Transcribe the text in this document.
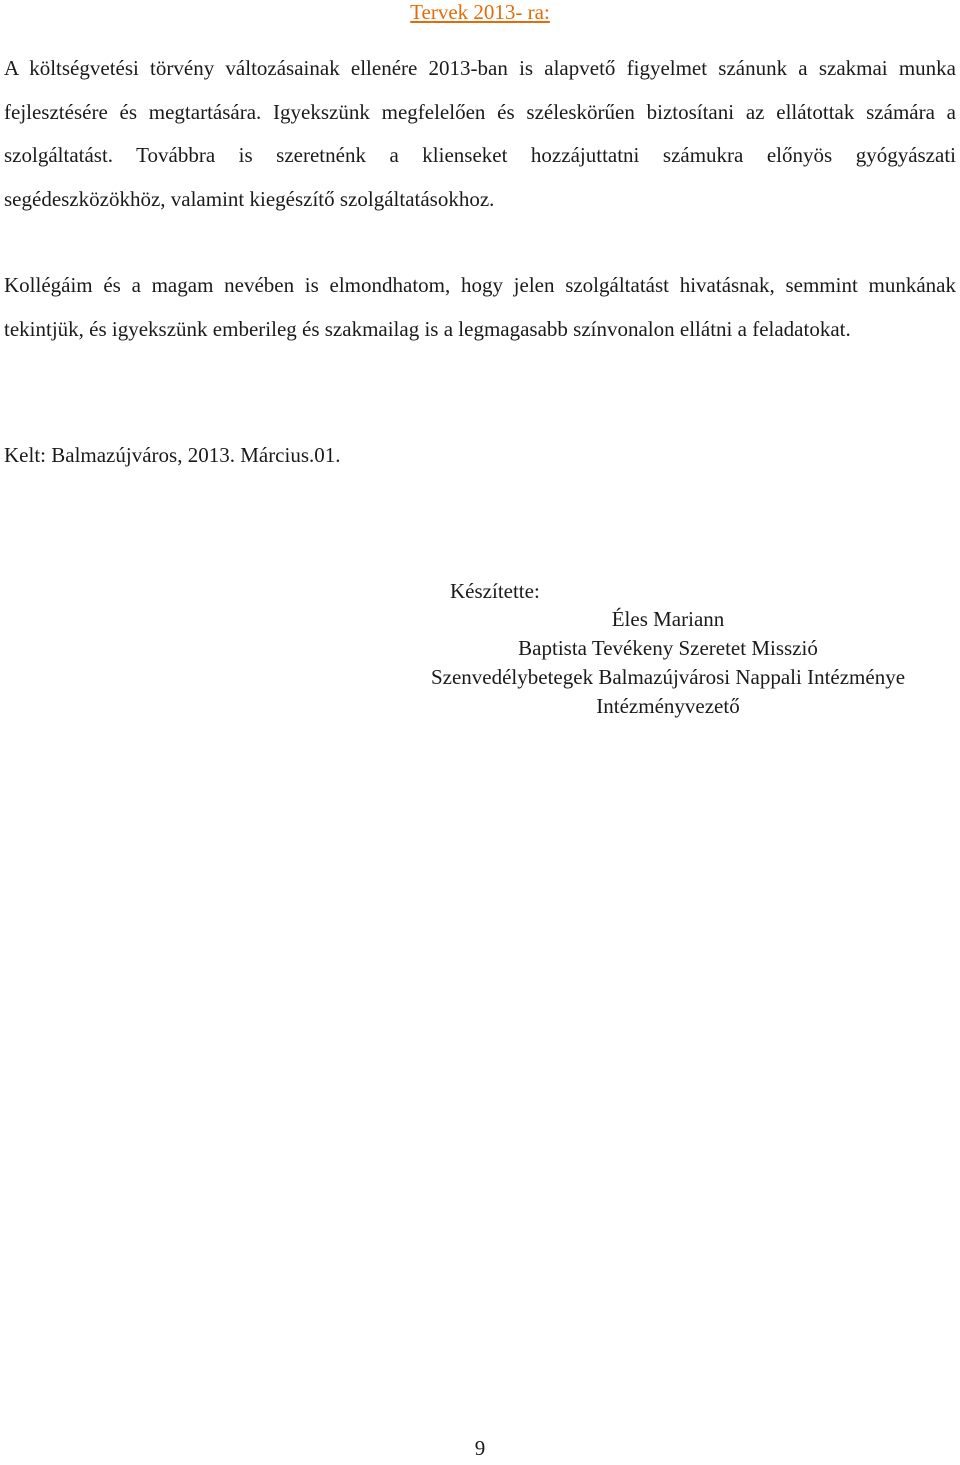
Tervek 2013- ra:

A költségvetési törvény változásainak ellenére 2013-ban is alapvető figyelmet szánunk a szakmai munka fejlesztésére és megtartására. Igyekszünk megfelelően és széleskörűen biztosítani az ellátottak számára a szolgáltatást. Továbbra is szeretnénk a klienseket hozzájuttatni számukra előnyös gyógyászati segédeszközökhöz, valamint kiegészítő szolgáltatásokhoz.

Kollégáim és a magam nevében is elmondhatom, hogy jelen szolgáltatást hivatásnak, semmint munkának tekintjük, és igyekszünk emberileg és szakmailag is a legmagasabb színvonalon ellátni a feladatokat.

Kelt: Balmazújváros, 2013. Március.01.

Készítette:
Éles Mariann
Baptista Tevékeny Szeretet Misszió
Szenvedélybetegek Balmazújvárosi Nappali Intézménye
Intézményvezető
9
